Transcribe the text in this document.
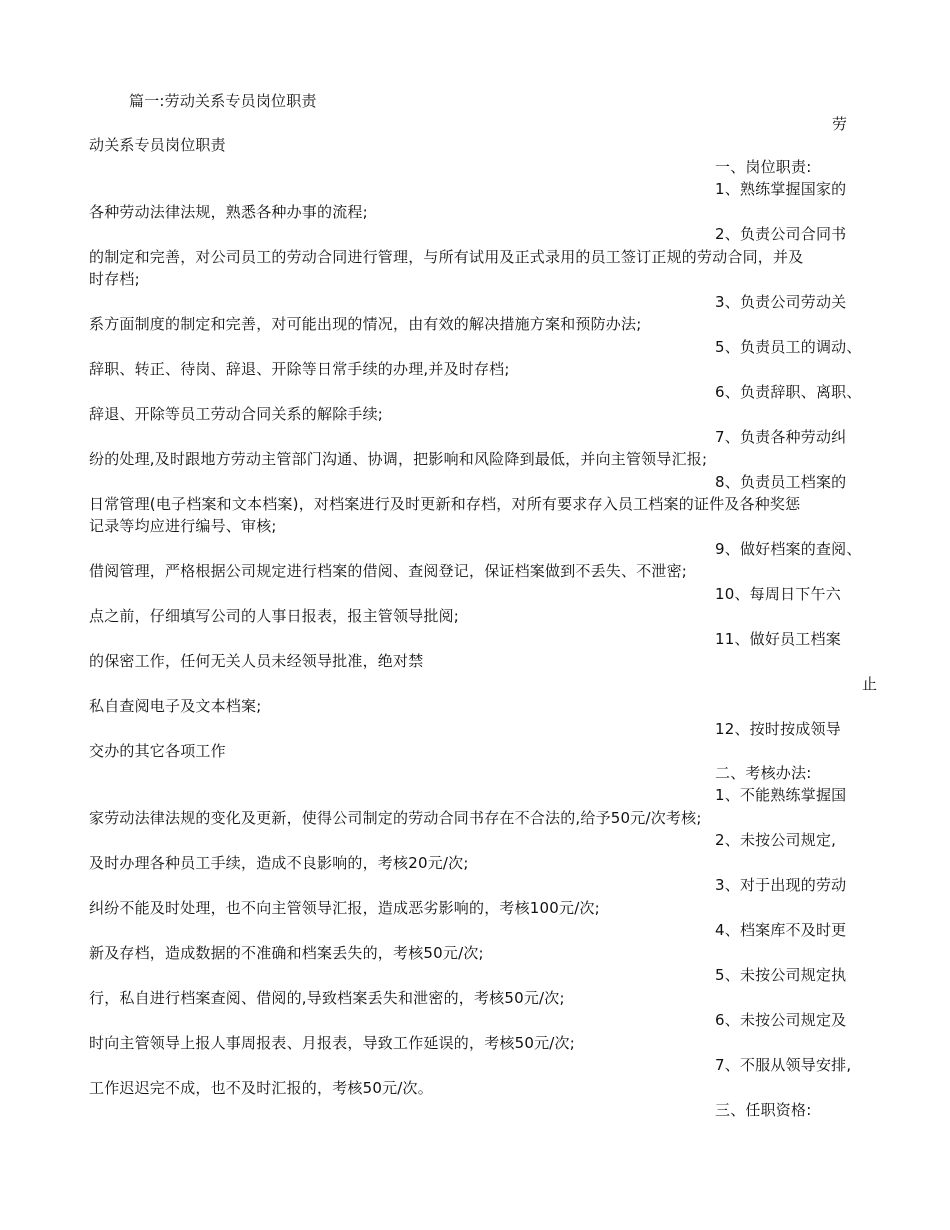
篇一:劳动关系专员岗位职责
劳
动关系专员岗位职责
一、岗位职责:
1、熟练掌握国家的
各种劳动法律法规，熟悉各种办事的流程;
2、负责公司合同书
的制定和完善，对公司员工的劳动合同进行管理，与所有试用及正式录用的员工签订正规的劳动合同，并及
时存档;
3、负责公司劳动关
系方面制度的制定和完善，对可能出现的情况，由有效的解决措施方案和预防办法;
5、负责员工的调动、
辞职、转正、待岗、辞退、开除等日常手续的办理,并及时存档;
6、负责辞职、离职、
辞退、开除等员工劳动合同关系的解除手续;
7、负责各种劳动纠
纷的处理,及时跟地方劳动主管部门沟通、协调，把影响和风险降到最低，并向主管领导汇报;
8、负责员工档案的
日常管理(电子档案和文本档案)，对档案进行及时更新和存档，对所有要求存入员工档案的证件及各种奖惩
记录等均应进行编号、审核;
9、做好档案的查阅、
借阅管理，严格根据公司规定进行档案的借阅、查阅登记，保证档案做到不丢失、不泄密;
10、每周日下午六
点之前，仔细填写公司的人事日报表，报主管领导批阅;
11、做好员工档案
的保密工作，任何无关人员未经领导批准，绝对禁
止
私自查阅电子及文本档案;
12、按时按成领导
交办的其它各项工作
二、考核办法:
1、不能熟练掌握国
家劳动法律法规的变化及更新，使得公司制定的劳动合同书存在不合法的,给予50元/次考核;
2、未按公司规定,
及时办理各种员工手续，造成不良影响的，考核20元/次;
3、对于出现的劳动
纠纷不能及时处理，也不向主管领导汇报，造成恶劣影响的，考核100元/次;
4、档案库不及时更
新及存档，造成数据的不准确和档案丢失的，考核50元/次;
5、未按公司规定执
行，私自进行档案查阅、借阅的,导致档案丢失和泄密的，考核50元/次;
6、未按公司规定及
时向主管领导上报人事周报表、月报表，导致工作延误的，考核50元/次;
7、不服从领导安排,
工作迟迟完不成，也不及时汇报的，考核50元/次。
三、任职资格:
